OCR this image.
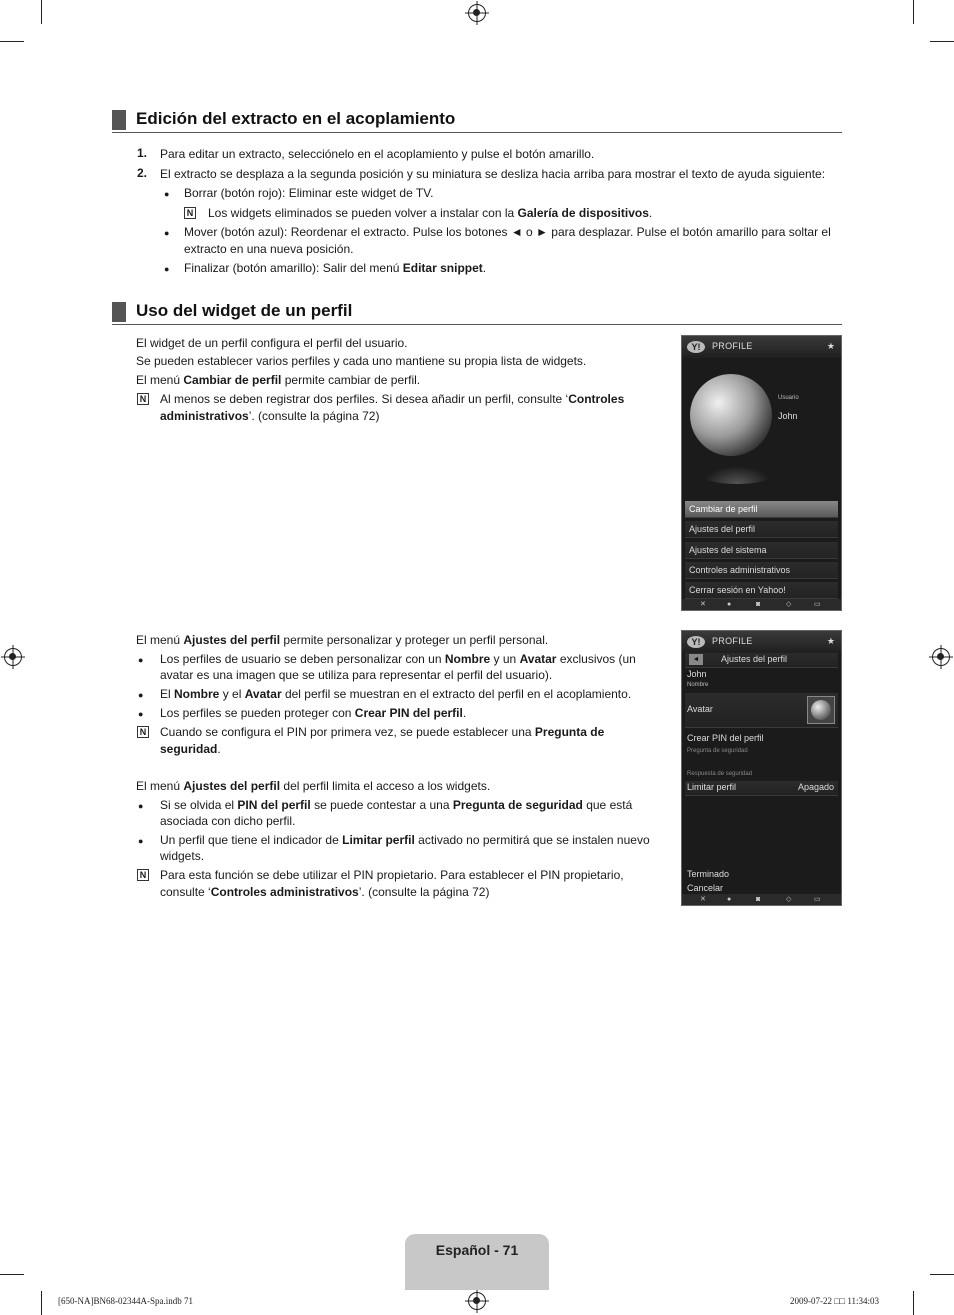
Edición del extracto en el acoplamiento
1. Para editar un extracto, selecciónelo en el acoplamiento y pulse el botón amarillo.
2. El extracto se desplaza a la segunda posición y su miniatura se desliza hacia arriba para mostrar el texto de ayuda siguiente:
● Borrar (botón rojo): Eliminar este widget de TV.
N Los widgets eliminados se pueden volver a instalar con la Galería de dispositivos.
● Mover (botón azul): Reordenar el extracto. Pulse los botones ◄ o ► para desplazar. Pulse el botón amarillo para soltar el
extracto en una nueva posición.
● Finalizar (botón amarillo): Salir del menú Editar snippet.
Uso del widget de un perfil
El widget de un perfil configura el perfil del usuario.
Se pueden establecer varios perfiles y cada uno mantiene su propia lista de widgets.
El menú Cambiar de perfil permite cambiar de perfil.
N Al menos se deben registrar dos perfiles. Si desea añadir un perfil, consulte ‘Controles
administrativos’. (consulte la página 72)
El menú Ajustes del perfil permite personalizar y proteger un perfil personal.
● Los perfiles de usuario se deben personalizar con un Nombre y un Avatar exclusivos (un
avatar es una imagen que se utiliza para representar el perfil del usuario).
● El Nombre y el Avatar del perfil se muestran en el extracto del perfil en el acoplamiento.
● Los perfiles se pueden proteger con Crear PIN del perfil.
N Cuando se configura el PIN por primera vez, se puede establecer una Pregunta de
seguridad.
El menú Ajustes del perfil del perfil limita el acceso a los widgets.
● Si se olvida el PIN del perfil se puede contestar a una Pregunta de seguridad que está
asociada con dicho perfil.
● Un perfil que tiene el indicador de Limitar perfil activado no permitirá que se instalen nuevo
widgets.
N Para esta función se debe utilizar el PIN propietario. Para establecer el PIN propietario,
consulte ‘Controles administrativos’. (consulte la página 72)
Y!	PROFILE	★
Usuario
John
Cambiar de perfil
Ajustes del perfil
Ajustes del sistema
Controles administrativos
Cerrar sesión en Yahoo!
✕	●	◙	◇	▭
Y!	PROFILE	★
◄	Ajustes del perfil
John
Nombre
Avatar
Crear PIN del perfil
Pregunta de seguridad
Respuesta de seguridad
Limitar perfil	Apagado
Terminado
Cancelar
✕	●	◙	◇	▭
Español - 71
[650-NA]BN68-02344A-Spa.indb 71	2009-07-22 □□ 11:34:03
